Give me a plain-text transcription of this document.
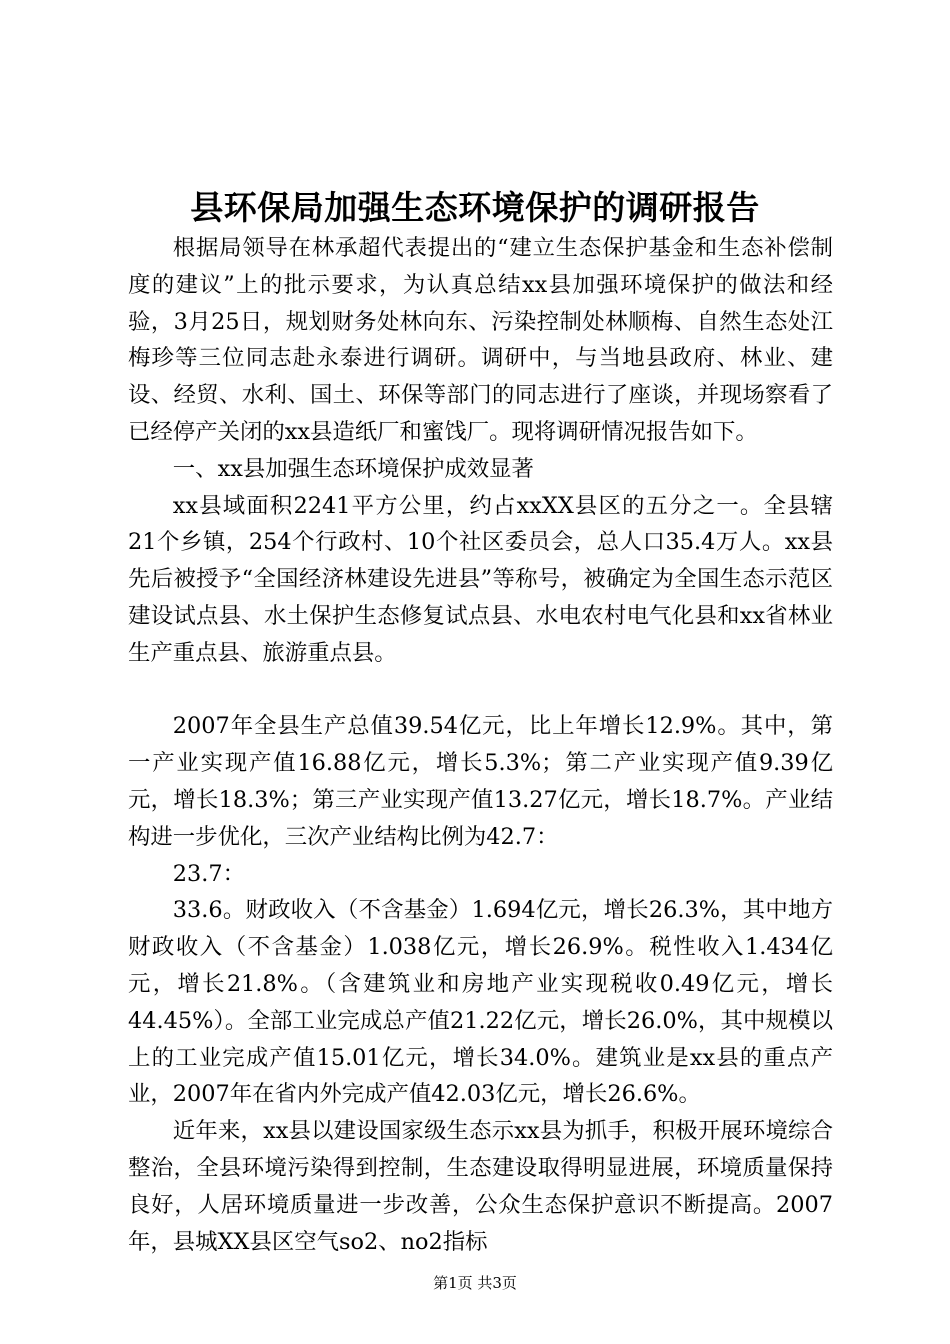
县环保局加强生态环境保护的调研报告

根据局领导在林承超代表提出的“建立生态保护基金和生态补偿制度的建议”上的批示要求，为认真总结xx县加强环境保护的做法和经验，3月25日，规划财务处林向东、污染控制处林顺梅、自然生态处江梅珍等三位同志赴永泰进行调研。调研中，与当地县政府、林业、建设、经贸、水利、国土、环保等部门的同志进行了座谈，并现场察看了已经停产关闭的xx县造纸厂和蜜饯厂。现将调研情况报告如下。

一、xx县加强生态环境保护成效显著

xx县域面积2241平方公里，约占xxXX县区的五分之一。全县辖21个乡镇，254个行政村、10个社区委员会，总人口35.4万人。xx县先后被授予“全国经济林建设先进县”等称号，被确定为全国生态示范区建设试点县、水土保护生态修复试点县、水电农村电气化县和xx省林业生产重点县、旅游重点县。

2007年全县生产总值39.54亿元，比上年增长12.9%。其中，第一产业实现产值16.88亿元，增长5.3%；第二产业实现产值9.39亿元，增长18.3%；第三产业实现产值13.27亿元，增长18.7%。产业结构进一步优化，三次产业结构比例为42.7：

23.7：

33.6。财政收入（不含基金）1.694亿元，增长26.3%，其中地方财政收入（不含基金）1.038亿元，增长26.9%。税性收入1.434亿元，增长21.8%。（含建筑业和房地产业实现税收0.49亿元，增长44.45%）。全部工业完成总产值21.22亿元，增长26.0%，其中规模以上的工业完成产值15.01亿元，增长34.0%。建筑业是xx县的重点产业，2007年在省内外完成产值42.03亿元，增长26.6%。

近年来，xx县以建设国家级生态示xx县为抓手，积极开展环境综合整治，全县环境污染得到控制，生态建设取得明显进展，环境质量保持良好，人居环境质量进一步改善，公众生态保护意识不断提高。2007年，县城XX县区空气so2、no2指标

第1页 共3页
